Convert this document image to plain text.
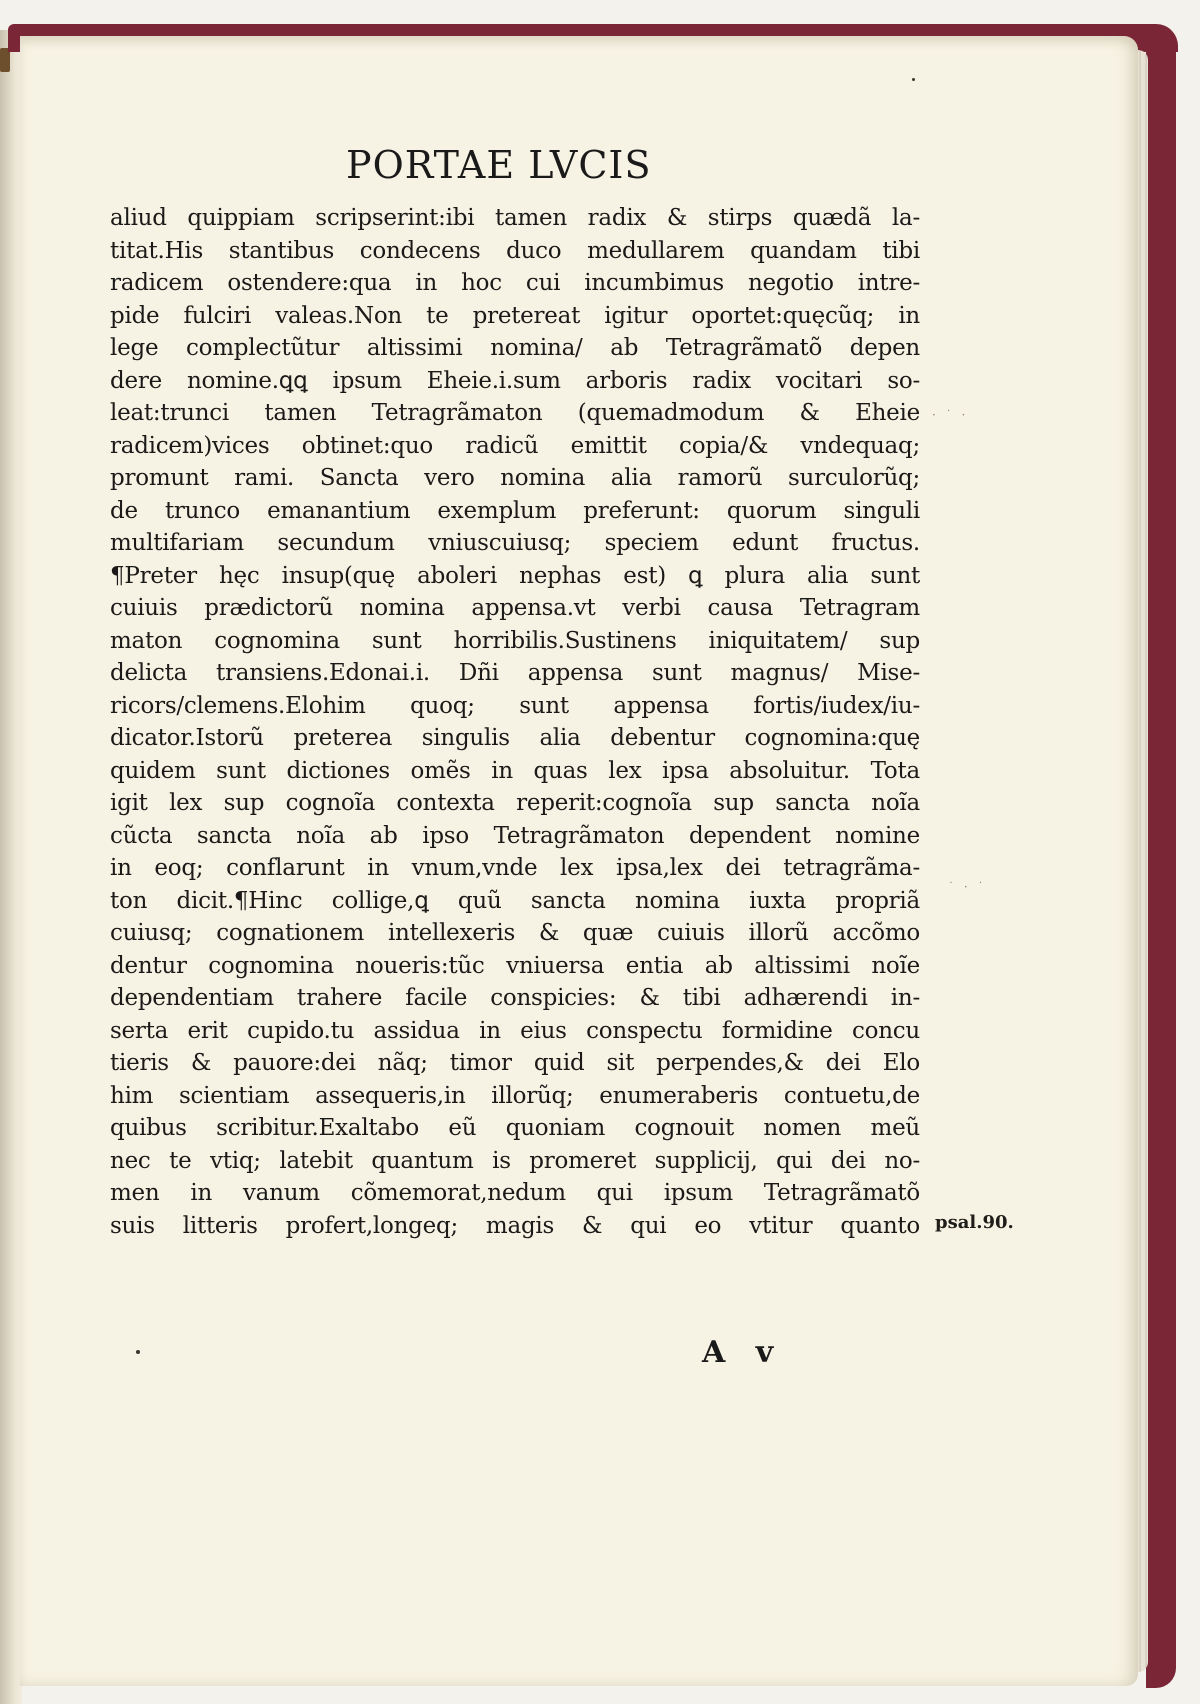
PORTAE LVCIS
aliud quippiam scripserint:ibi tamen radix & stirps quædã la-
titat.His stantibus condecens duco medullarem quandam tibi
radicem ostendere:qua in hoc cui incumbimus negotio intre-
pide fulciri valeas.Non te pretereat igitur oportet:quęcũq; in
lege complectũtur altissimi nomina/ ab Tetragrãmatõ depen
dere nomine.ꝗꝗ ipsum Eheie.i.sum arboris radix vocitari so-
leat:trunci tamen Tetragrãmaton (quemadmodum & Eheie
radicem)vices obtinet:quo radicũ emittit copia/& vndequaq;
promunt rami. Sancta vero nomina alia ramorũ surculorũq;
de trunco emanantium exemplum preferunt: quorum singuli
multifariam secundum vniuscuiusq; speciem edunt fructus.
¶Preter hęc insup(quę aboleri nephas est) ꝗ plura alia sunt
cuiuis prædictorũ nomina appensa.vt verbi causa Tetragram
maton cognomina sunt horribilis.Sustinens iniquitatem/ sup
delicta transiens.Edonai.i. Dñi appensa sunt magnus/ Mise-
ricors/clemens.Elohim quoq; sunt appensa fortis/iudex/iu-
dicator.Istorũ preterea singulis alia debentur cognomina:quę
quidem sunt dictiones omẽs in quas lex ipsa absoluitur. Tota
igit lex sup cognoĩa contexta reperit:cognoĩa sup sancta noĩa
cũcta sancta noĩa ab ipso Tetragrãmaton dependent nomine
in eoq; conflarunt in vnum,vnde lex ipsa,lex dei tetragrãma-
ton dicit.¶Hinc collige,ꝗ quũ sancta nomina iuxta propriã
cuiusq; cognationem intellexeris & quæ cuiuis illorũ accõmo
dentur cognomina noueris:tũc vniuersa entia ab altissimi noĩe
dependentiam trahere facile conspicies: & tibi adhærendi in-
serta erit cupido.tu assidua in eius conspectu formidine concu
tieris & pauore:dei nãq; timor quid sit perpendes,& dei Elo
him scientiam assequeris,in illorũq; enumeraberis contuetu,de
quibus scribitur.Exaltabo eũ quoniam cognouit nomen meũ
nec te vtiq; latebit quantum is promeret supplicij, qui dei no-
men in vanum cõmemorat,nedum qui ipsum Tetragrãmatõ
suis litteris profert,longeq; magis & qui eo vtitur quanto
A v
psal.90.
· ˙ ·
˙ · ˙
